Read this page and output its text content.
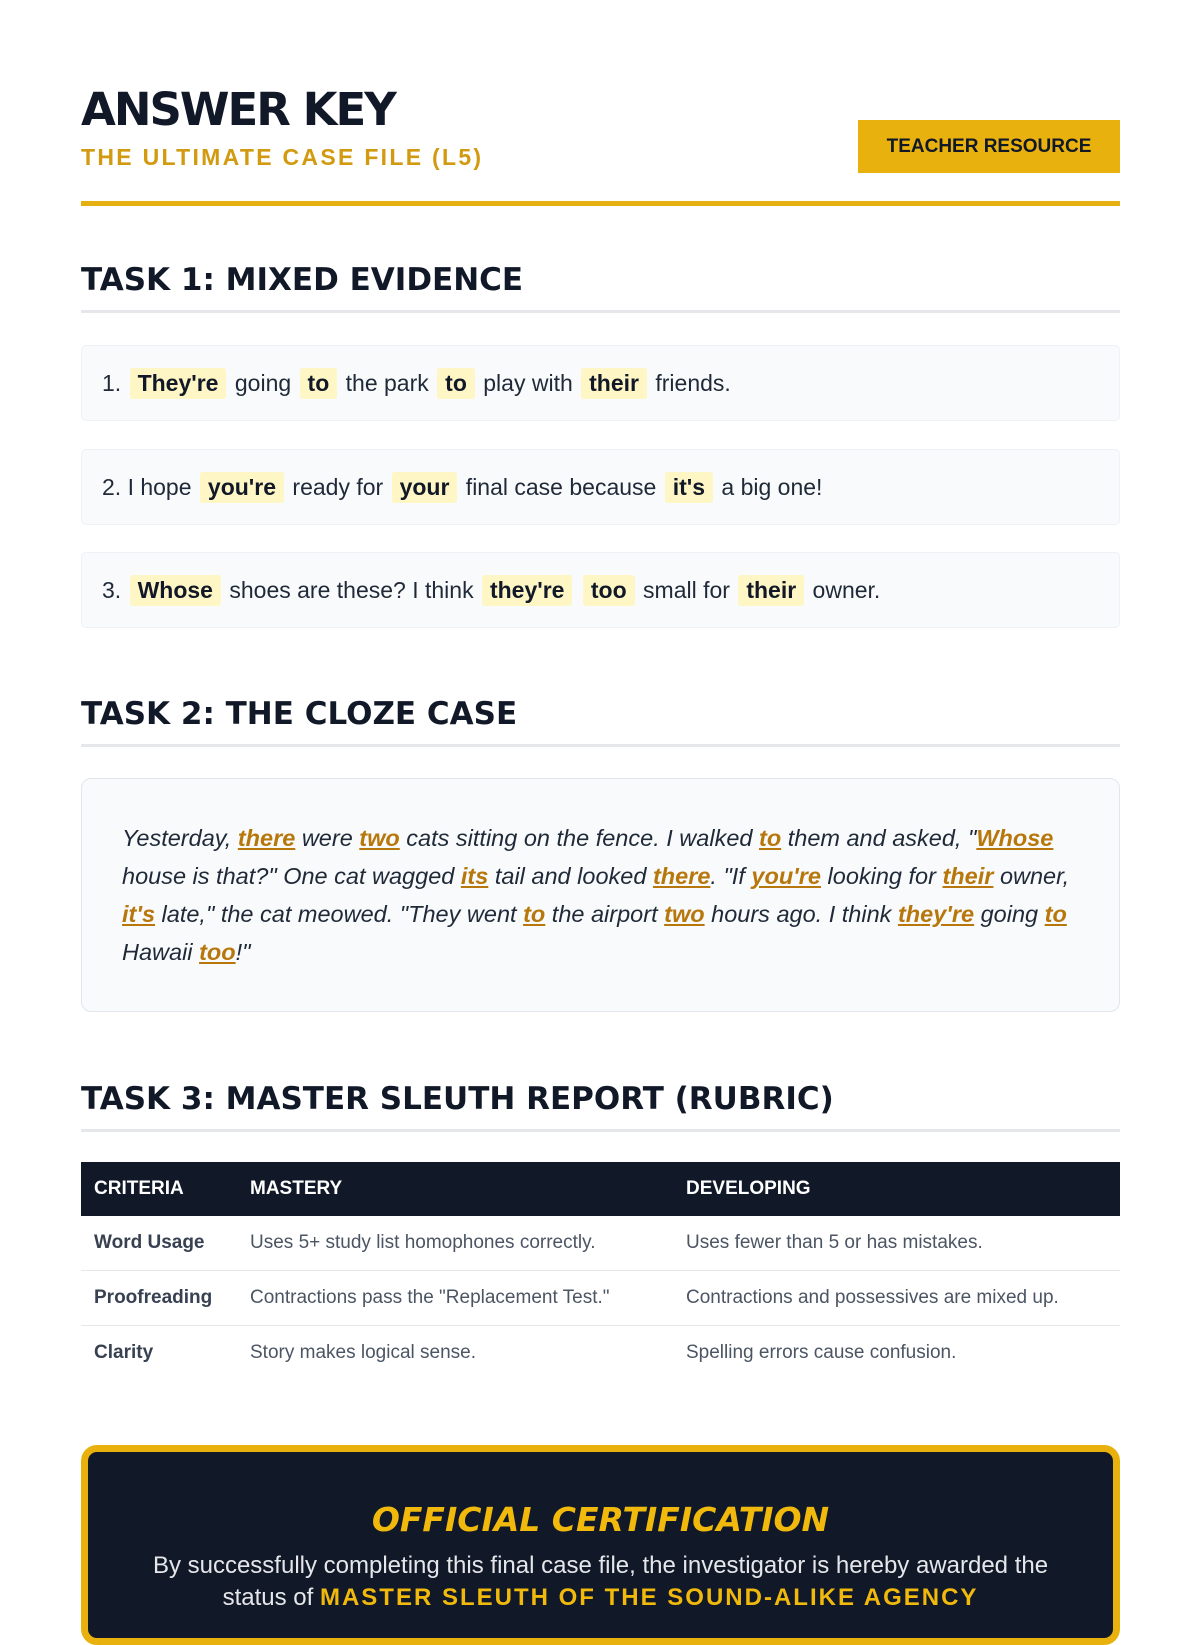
ANSWER KEY
THE ULTIMATE CASE FILE (L5)	TEACHER RESOURCE
TASK 1: MIXED EVIDENCE
1. They're going to the park to play with their friends.
2. I hope you're ready for your final case because it's a big one!
3. Whose shoes are these? I think they're
	too small for their owner.
TASK 2: THE CLOZE CASE
Yesterday, there were two cats sitting on the fence. I walked to them and asked, "Whose house is that?" One cat wagged its tail and looked there. "If you're looking for their owner, it's late," the cat meowed. "They went to the airport two hours ago. I think they're going to Hawaii too!"
TASK 3: MASTER SLEUTH REPORT (RUBRIC)
CRITERIA	MASTERY	DEVELOPING
Word Usage	Uses 5+ study list homophones correctly.	Uses fewer than 5 or has mistakes.
Proofreading	Contractions pass the "Replacement Test."	Contractions and possessives are mixed up.
Clarity	Story makes logical sense.	Spelling errors cause confusion.
OFFICIAL CERTIFICATION
By successfully completing this final case file, the investigator is hereby awarded the status of MASTER SLEUTH OF THE SOUND-ALIKE AGENCY
